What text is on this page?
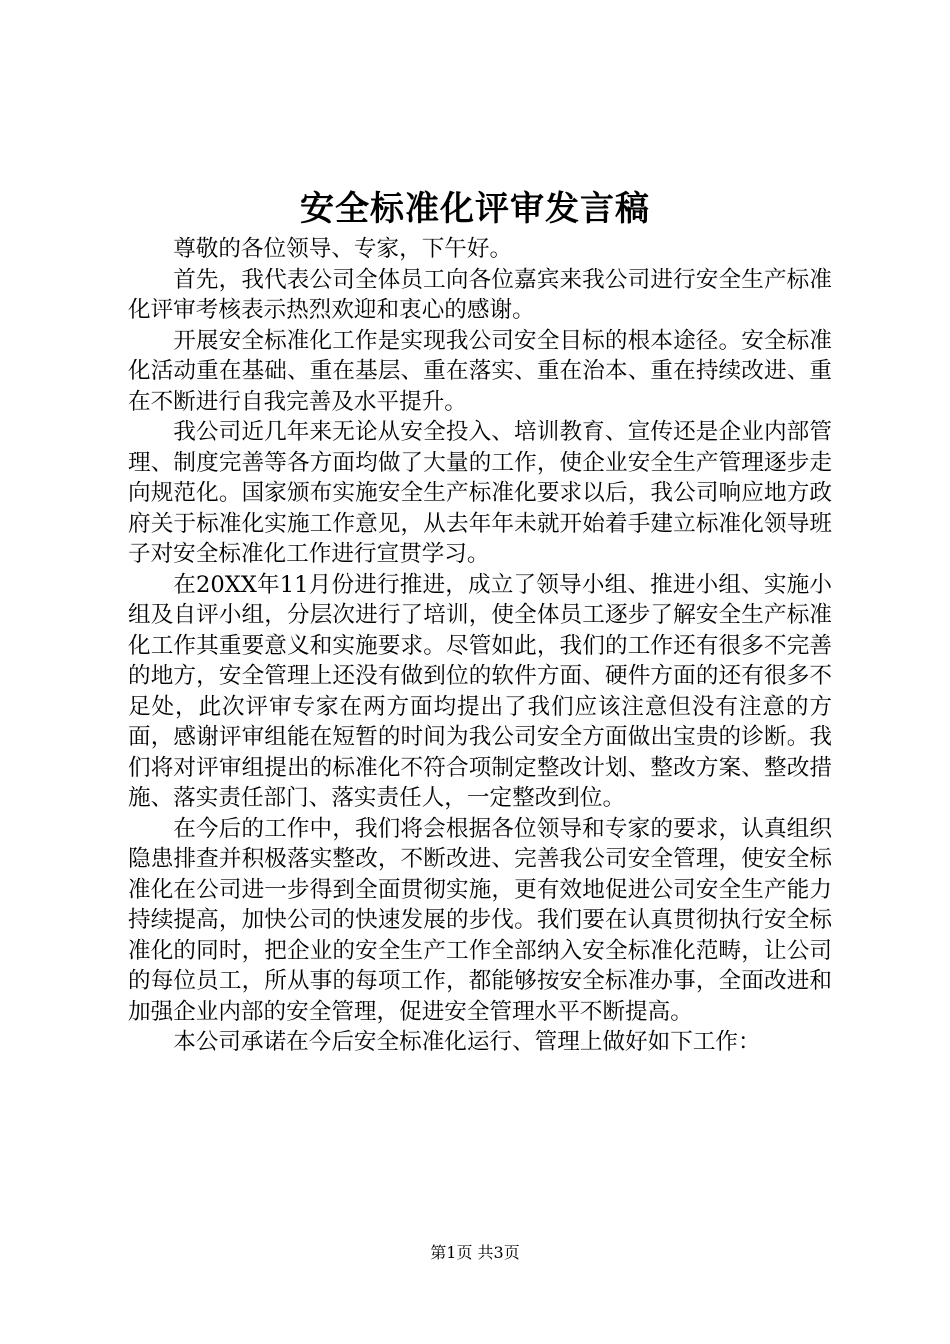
安全标准化评审发言稿

尊敬的各位领导、专家，下午好。

首先，我代表公司全体员工向各位嘉宾来我公司进行安全生产标准化评审考核表示热烈欢迎和衷心的感谢。

开展安全标准化工作是实现我公司安全目标的根本途径。安全标准化活动重在基础、重在基层、重在落实、重在治本、重在持续改进、重在不断进行自我完善及水平提升。

我公司近几年来无论从安全投入、培训教育、宣传还是企业内部管理、制度完善等各方面均做了大量的工作，使企业安全生产管理逐步走向规范化。国家颁布实施安全生产标准化要求以后，我公司响应地方政府关于标准化实施工作意见，从去年年未就开始着手建立标准化领导班子对安全标准化工作进行宣贯学习。

在20XX年11月份进行推进，成立了领导小组、推进小组、实施小组及自评小组，分层次进行了培训，使全体员工逐步了解安全生产标准化工作其重要意义和实施要求。尽管如此，我们的工作还有很多不完善的地方，安全管理上还没有做到位的软件方面、硬件方面的还有很多不足处，此次评审专家在两方面均提出了我们应该注意但没有注意的方面，感谢评审组能在短暂的时间为我公司安全方面做出宝贵的诊断。我们将对评审组提出的标准化不符合项制定整改计划、整改方案、整改措施、落实责任部门、落实责任人，一定整改到位。

在今后的工作中，我们将会根据各位领导和专家的要求，认真组织隐患排查并积极落实整改，不断改进、完善我公司安全管理，使安全标准化在公司进一步得到全面贯彻实施，更有效地促进公司安全生产能力持续提高，加快公司的快速发展的步伐。我们要在认真贯彻执行安全标准化的同时，把企业的安全生产工作全部纳入安全标准化范畴，让公司的每位员工，所从事的每项工作，都能够按安全标准办事，全面改进和加强企业内部的安全管理，促进安全管理水平不断提高。

本公司承诺在今后安全标准化运行、管理上做好如下工作：

第1页 共3页
